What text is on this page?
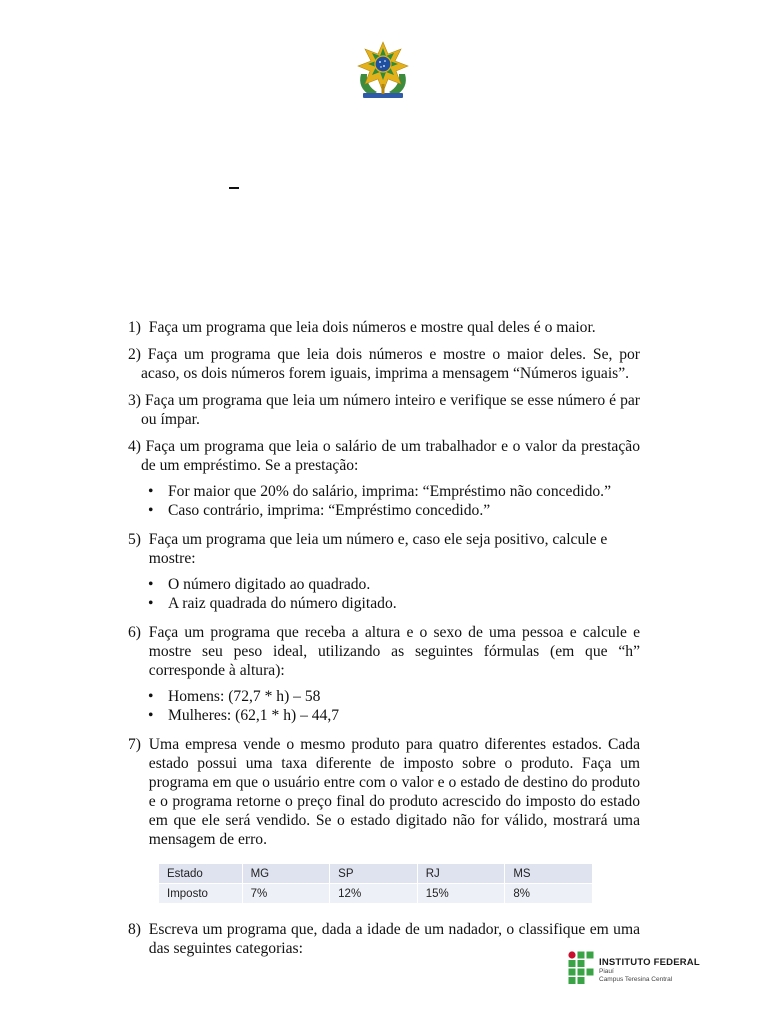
1)
Faça um programa que leia dois números e mostre qual deles é o maior.
2) Faça um programa que leia dois números e mostre o maior deles. Se, por acaso, os dois números forem iguais, imprima a mensagem “Números iguais”.
3) Faça um programa que leia um número inteiro e verifique se esse número é par ou ímpar.
4) Faça um programa que leia o salário de um trabalhador e o valor da prestação de um empréstimo. Se a prestação:
• For maior que 20% do salário, imprima: “Empréstimo não concedido.”
• Caso contrário, imprima: “Empréstimo concedido.”
5)
Faça um programa que leia um número e, caso ele seja positivo, calcule e mostre:
• O número digitado ao quadrado.
• A raiz quadrada do número digitado.
6)
Faça um programa que receba a altura e o sexo de uma pessoa e calcule e mostre seu peso ideal, utilizando as seguintes fórmulas (em que “h” corresponde à altura):
• Homens: (72,7 * h) – 58
• Mulheres: (62,1 * h) – 44,7
7)
Uma empresa vende o mesmo produto para quatro diferentes estados. Cada estado possui uma taxa diferente de imposto sobre o produto. Faça um programa em que o usuário entre com o valor e o estado de destino do produto e o programa retorne o preço final do produto acrescido do imposto do estado em que ele será vendido. Se o estado digitado não for válido, mostrará uma mensagem de erro.
Estado	MG	SP	RJ	MS
Imposto	7%	12%	15%	8%
8)
Escreva um programa que, dada a idade de um nadador, o classifique em uma das seguintes categorias:
INSTITUTO FEDERAL
Piauí
Campus Teresina Central
